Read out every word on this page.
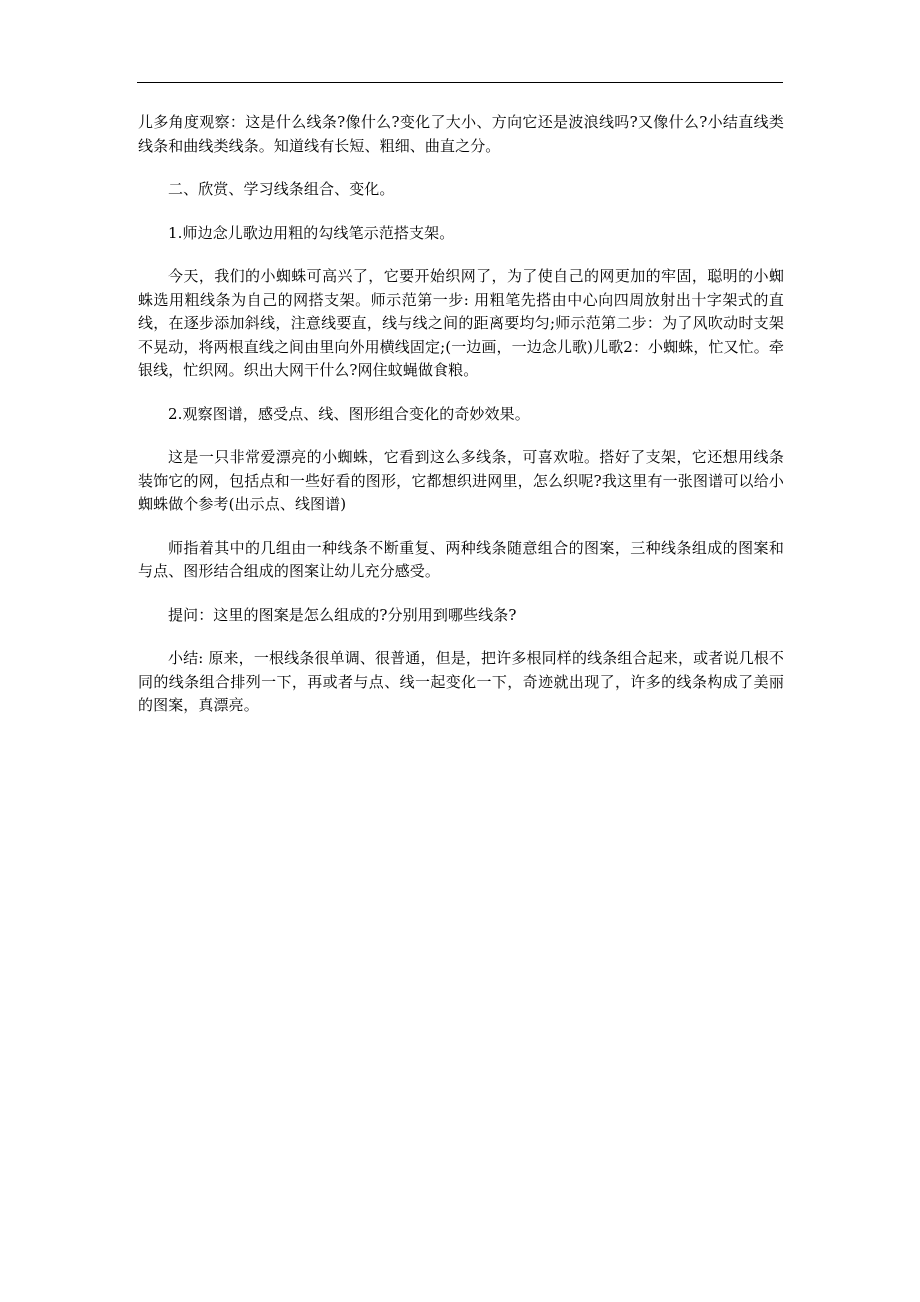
儿多角度观察：这是什么线条?像什么?变化了大小、方向它还是波浪线吗?又像什么?小结直线类线条和曲线类线条。知道线有长短、粗细、曲直之分。

二、欣赏、学习线条组合、变化。

1.师边念儿歌边用粗的勾线笔示范搭支架。

今天，我们的小蜘蛛可高兴了，它要开始织网了，为了使自己的网更加的牢固，聪明的小蜘蛛选用粗线条为自己的网搭支架。师示范第一步: 用粗笔先搭由中心向四周放射出十字架式的直线，在逐步添加斜线，注意线要直，线与线之间的距离要均匀;师示范第二步：为了风吹动时支架不晃动，将两根直线之间由里向外用横线固定;(一边画，一边念儿歌)儿歌2：小蜘蛛，忙又忙。牵银线，忙织网。织出大网干什么?网住蚊蝇做食粮。

2.观察图谱，感受点、线、图形组合变化的奇妙效果。

这是一只非常爱漂亮的小蜘蛛，它看到这么多线条，可喜欢啦。搭好了支架，它还想用线条装饰它的网，包括点和一些好看的图形，它都想织进网里，怎么织呢?我这里有一张图谱可以给小蜘蛛做个参考(出示点、线图谱)

师指着其中的几组由一种线条不断重复、两种线条随意组合的图案，三种线条组成的图案和与点、图形结合组成的图案让幼儿充分感受。

提问：这里的图案是怎么组成的?分别用到哪些线条?

小结: 原来，一根线条很单调、很普通，但是，把许多根同样的线条组合起来，或者说几根不同的线条组合排列一下，再或者与点、线一起变化一下，奇迹就出现了，许多的线条构成了美丽的图案，真漂亮。
